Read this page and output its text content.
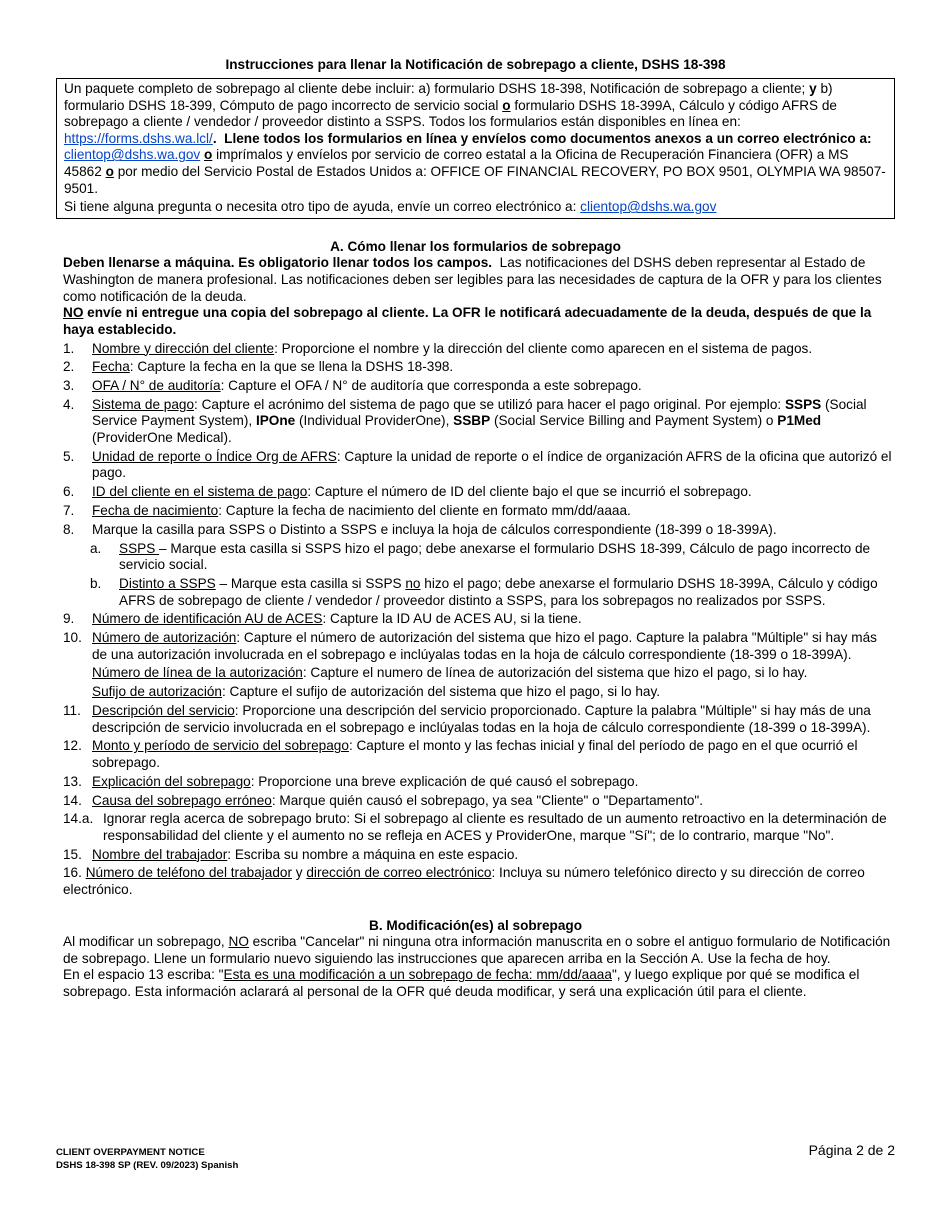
Instrucciones para llenar la Notificación de sobrepago a cliente, DSHS 18-398

Un paquete completo de sobrepago al cliente debe incluir: a) formulario DSHS 18-398, Notificación de sobrepago a cliente; y b) formulario DSHS 18-399, Cómputo de pago incorrecto de servicio social o formulario DSHS 18-399A, Cálculo y código AFRS de sobrepago a cliente / vendedor / proveedor distinto a SSPS. Todos los formularios están disponibles en línea en: https://forms.dshs.wa.lcl/.  Llene todos los formularios en línea y envíelos como documentos anexos a un correo electrónico a: clientop@dshs.wa.gov o imprímalos y envíelos por servicio de correo estatal a la Oficina de Recuperación Financiera (OFR) a MS 45862 o por medio del Servicio Postal de Estados Unidos a: OFFICE OF FINANCIAL RECOVERY, PO BOX 9501, OLYMPIA WA 98507-9501.

Si tiene alguna pregunta o necesita otro tipo de ayuda, envíe un correo electrónico a: clientop@dshs.wa.gov

A. Cómo llenar los formularios de sobrepago

Deben llenarse a máquina. Es obligatorio llenar todos los campos. Las notificaciones del DSHS deben representar al Estado de Washington de manera profesional. Las notificaciones deben ser legibles para las necesidades de captura de la OFR y para los clientes como notificación de la deuda.

NO envíe ni entregue una copia del sobrepago al cliente. La OFR le notificará adecuadamente de la deuda, después de que la haya establecido.

1.	Nombre y dirección del cliente: Proporcione el nombre y la dirección del cliente como aparecen en el sistema de pagos.
2.	Fecha: Capture la fecha en la que se llena la DSHS 18-398.
3.	OFA / N° de auditoría: Capture el OFA / N° de auditoría que corresponda a este sobrepago.
4.	Sistema de pago: Capture el acrónimo del sistema de pago que se utilizó para hacer el pago original. Por ejemplo: SSPS (Social Service Payment System), IPOne (Individual ProviderOne), SSBP (Social Service Billing and Payment System) o P1Med (ProviderOne Medical).
5.	Unidad de reporte o Índice Org de AFRS: Capture la unidad de reporte o el índice de organización AFRS de la oficina que autorizó el pago.
6.	ID del cliente en el sistema de pago: Capture el número de ID del cliente bajo el que se incurrió el sobrepago.
7.	Fecha de nacimiento: Capture la fecha de nacimiento del cliente en formato mm/dd/aaaa.
8.	Marque la casilla para SSPS o Distinto a SSPS e incluya la hoja de cálculos correspondiente (18-399 o 18-399A).
a.	SSPS – Marque esta casilla si SSPS hizo el pago; debe anexarse el formulario DSHS 18-399, Cálculo de pago incorrecto de servicio social.
b.	Distinto a SSPS – Marque esta casilla si SSPS no hizo el pago; debe anexarse el formulario DSHS 18-399A, Cálculo y código AFRS de sobrepago de cliente / vendedor / proveedor distinto a SSPS, para los sobrepagos no realizados por SSPS.
9.	Número de identificación AU de ACES: Capture la ID AU de ACES AU, si la tiene.
10. Número de autorización: Capture el número de autorización del sistema que hizo el pago. Capture la palabra "Múltiple" si hay más de una autorización involucrada en el sobrepago e inclúyalas todas en la hoja de cálculo correspondiente (18-399 o 18-399A).
Número de línea de la autorización: Capture el numero de línea de autorización del sistema que hizo el pago, si lo hay.
Sufijo de autorización: Capture el sufijo de autorización del sistema que hizo el pago, si lo hay.
11. Descripción del servicio: Proporcione una descripción del servicio proporcionado. Capture la palabra "Múltiple" si hay más de una descripción de servicio involucrada en el sobrepago e inclúyalas todas en la hoja de cálculo correspondiente (18-399 o 18-399A).
12. Monto y período de servicio del sobrepago: Capture el monto y las fechas inicial y final del período de pago en el que ocurrió el sobrepago.
13. Explicación del sobrepago: Proporcione una breve explicación de qué causó el sobrepago.
14. Causa del sobrepago erróneo: Marque quién causó el sobrepago, ya sea "Cliente" o "Departamento".
14.a. Ignorar regla acerca de sobrepago bruto: Si el sobrepago al cliente es resultado de un aumento retroactivo en la determinación de responsabilidad del cliente y el aumento no se refleja en ACES y ProviderOne, marque "Sí"; de lo contrario, marque "No".
15. Nombre del trabajador: Escriba su nombre a máquina en este espacio.
16. Número de teléfono del trabajador y dirección de correo electrónico: Incluya su número telefónico directo y su dirección de correo electrónico.
B. Modificación(es) al sobrepago

Al modificar un sobrepago, NO escriba "Cancelar" ni ninguna otra información manuscrita en o sobre el antiguo formulario de Notificación de sobrepago. Llene un formulario nuevo siguiendo las instrucciones que aparecen arriba en la Sección A. Use la fecha de hoy.

En el espacio 13 escriba: "Esta es una modificación a un sobrepago de fecha: mm/dd/aaaa", y luego explique por qué se modifica el sobrepago. Esta información aclarará al personal de la OFR qué deuda modificar, y será una explicación útil para el cliente.

CLIENT OVERPAYMENT NOTICE
DSHS 18-398 SP (REV. 09/2023) Spanish
Página 2 de 2
